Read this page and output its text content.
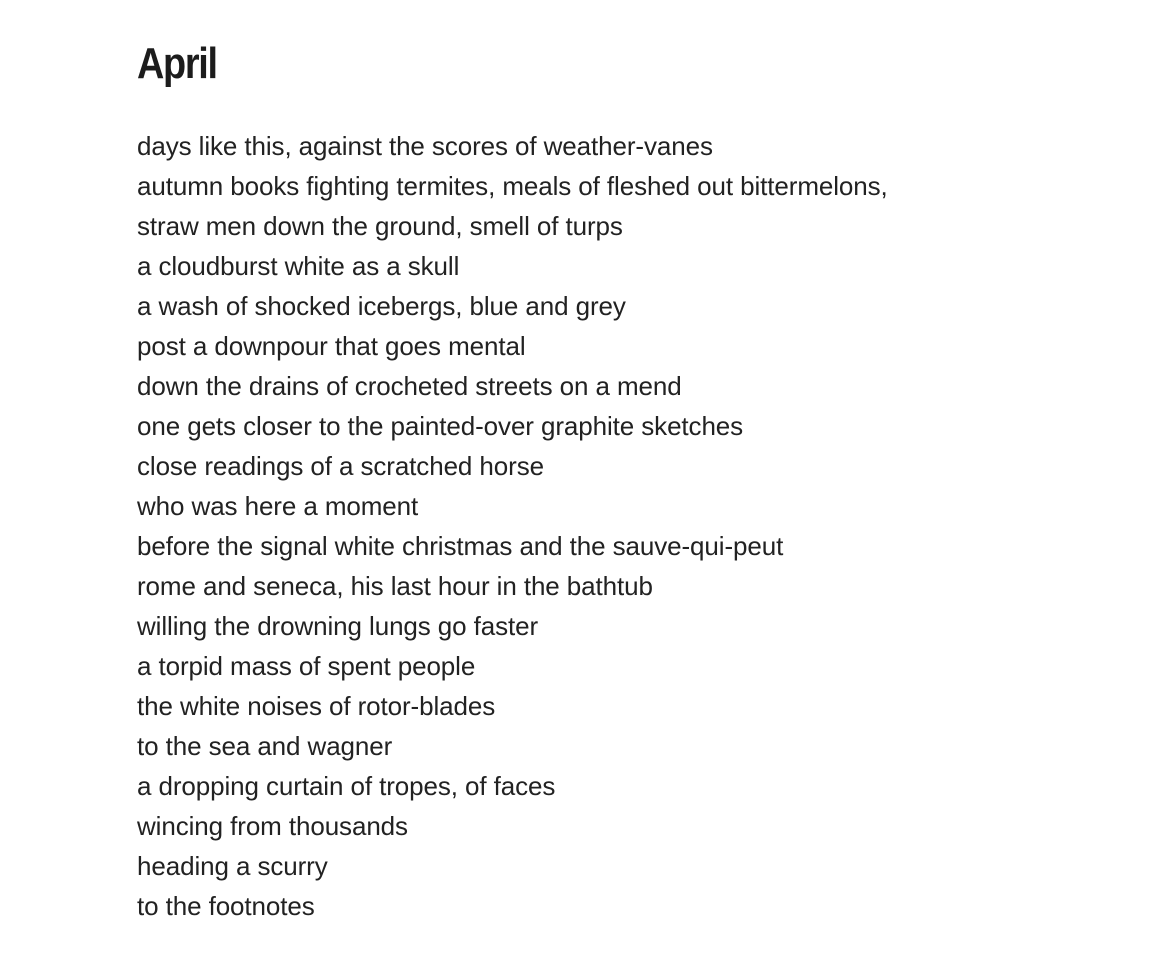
April
days like this, against the scores of weather-vanes
autumn books fighting termites, meals of fleshed out bittermelons,
straw men down the ground, smell of turps
a cloudburst white as a skull
a wash of shocked icebergs, blue and grey
post a downpour that goes mental
down the drains of crocheted streets on a mend
one gets closer to the painted-over graphite sketches
close readings of a scratched horse
who was here a moment
before the signal white christmas and the sauve-qui-peut
rome and seneca, his last hour in the bathtub
willing the drowning lungs go faster
a torpid mass of spent people
the white noises of rotor-blades
to the sea and wagner
a dropping curtain of tropes, of faces
wincing from thousands
heading a scurry
to the footnotes
